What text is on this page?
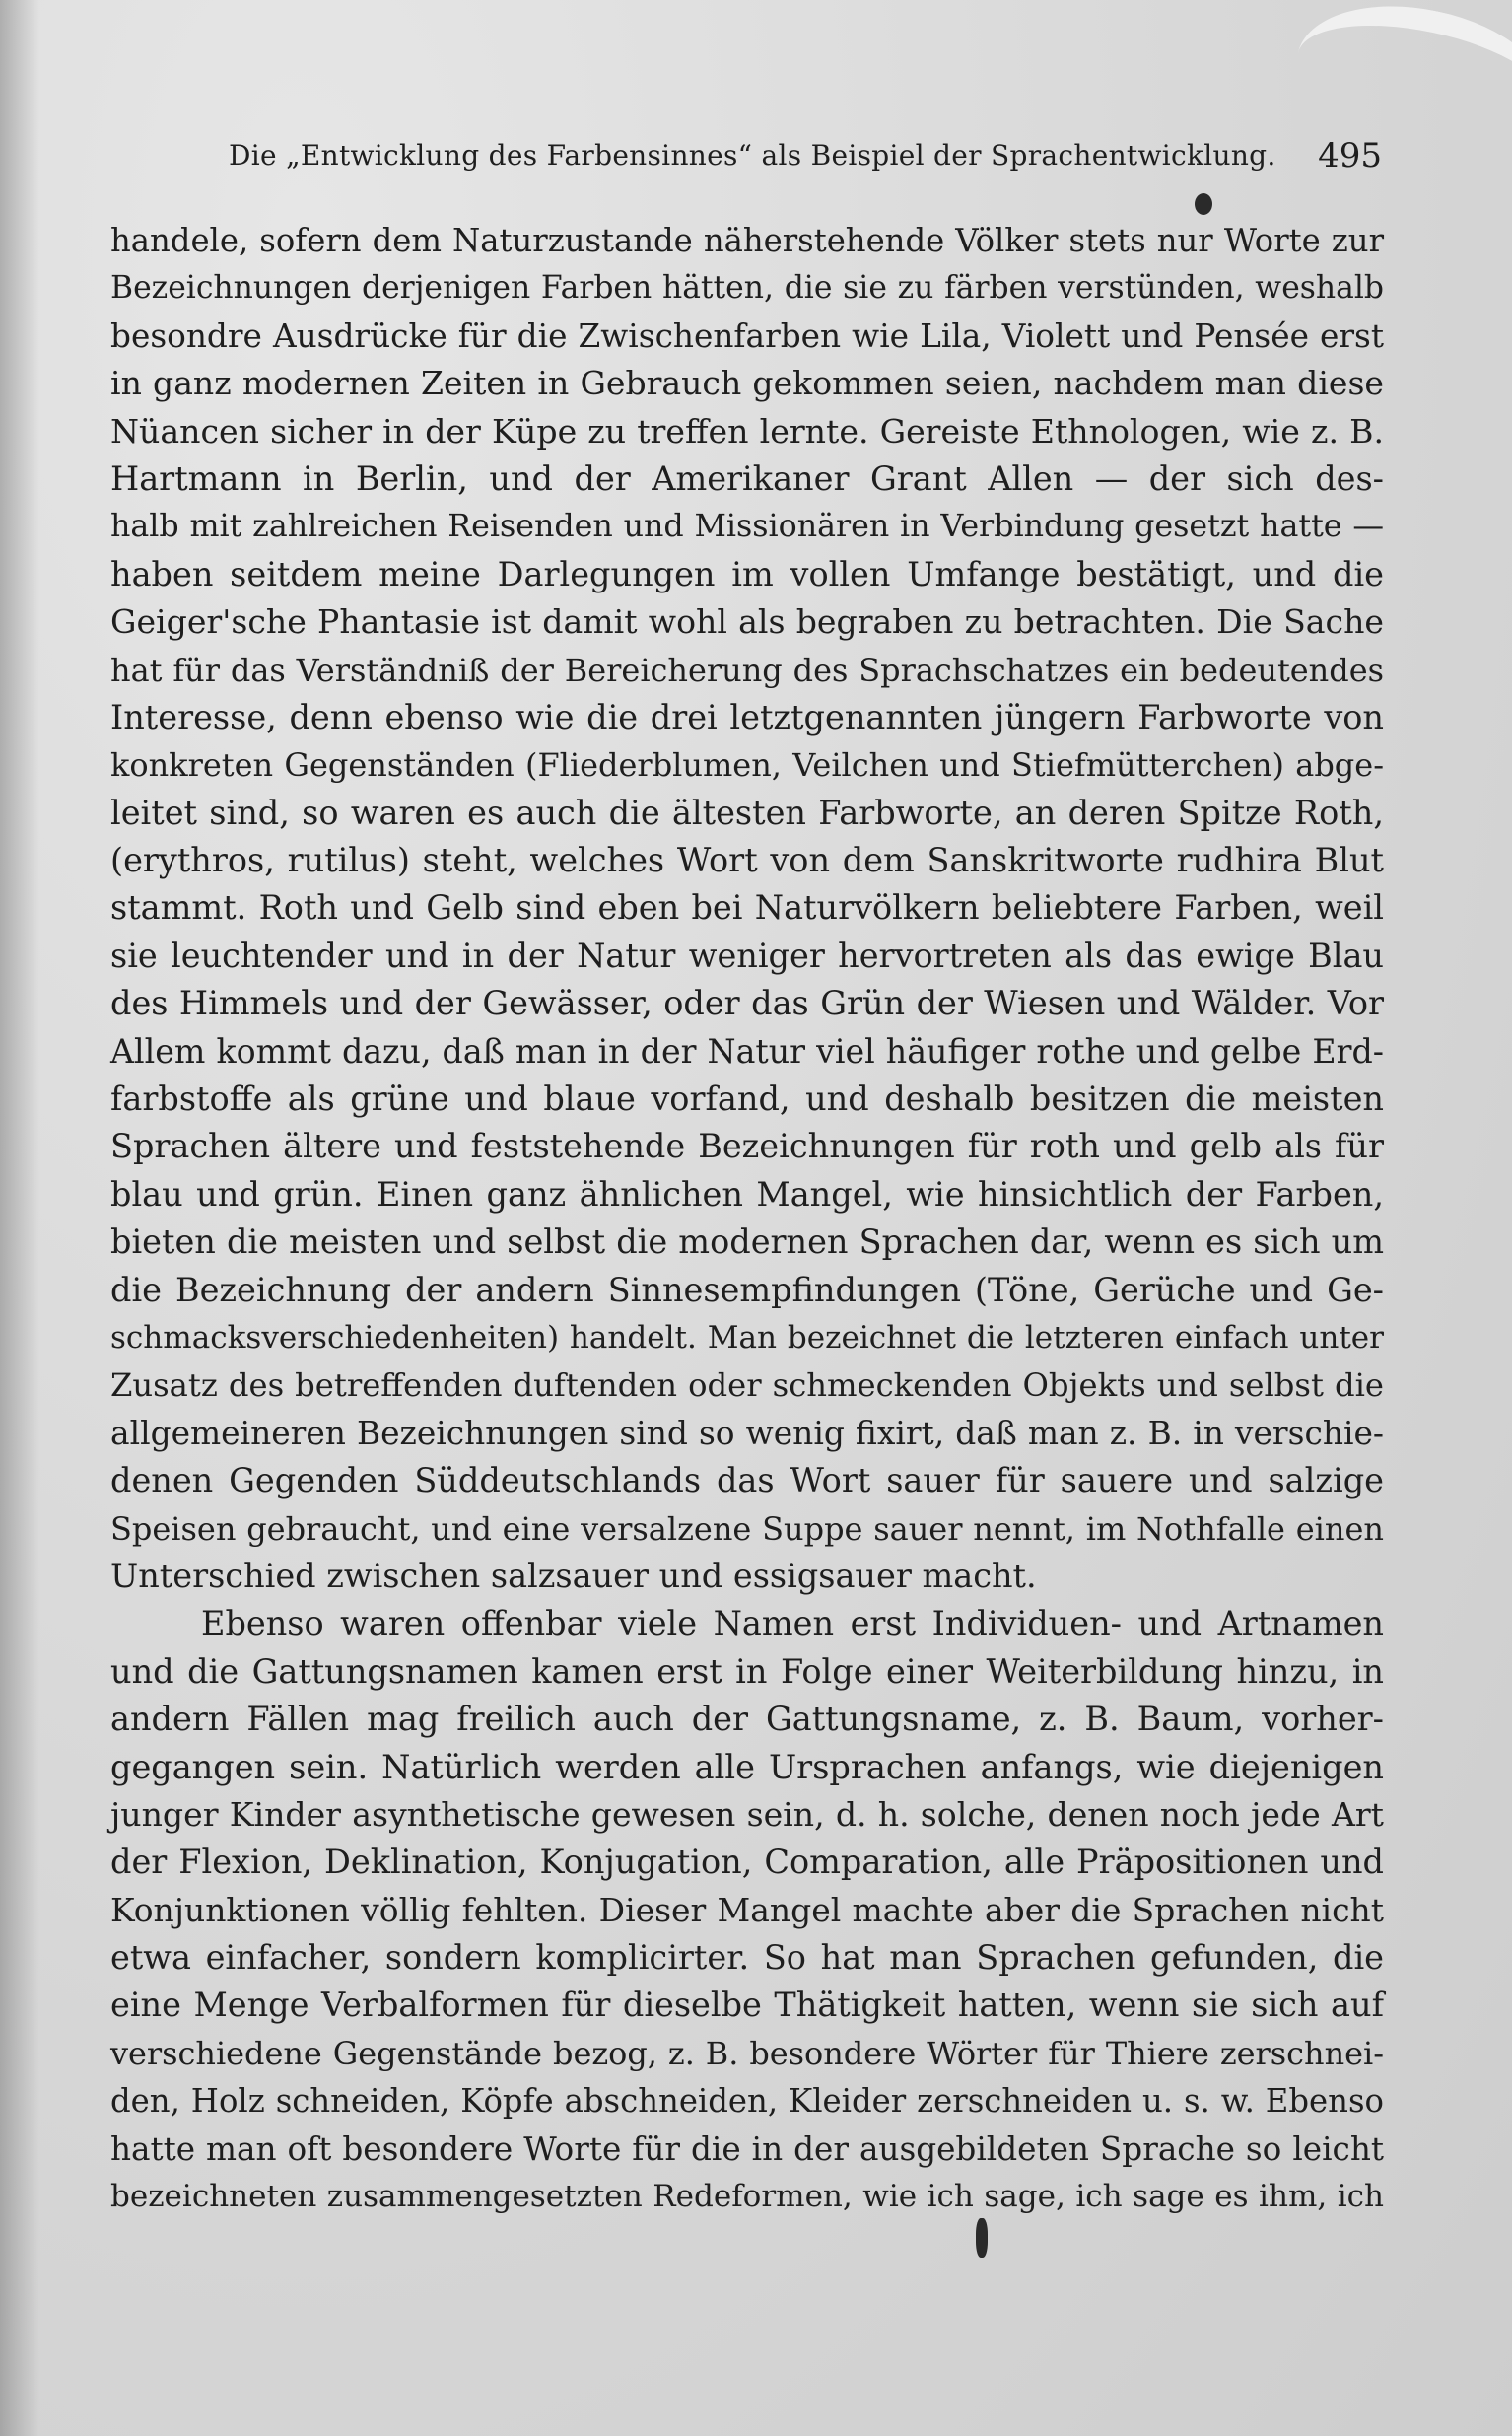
Die „Entwicklung des Farbensinnes“ als Beispiel der Sprachentwicklung. 495

handele, sofern dem Naturzustande näherstehende Völker stets nur Worte zur
Bezeichnungen derjenigen Farben hätten, die sie zu färben verstünden, weshalb
besondre Ausdrücke für die Zwischenfarben wie Lila, Violett und Pensée erst
in ganz modernen Zeiten in Gebrauch gekommen seien, nachdem man diese
Nüancen sicher in der Küpe zu treffen lernte. Gereiste Ethnologen, wie z. B.
Hartmann in Berlin, und der Amerikaner Grant Allen — der sich des-
halb mit zahlreichen Reisenden und Missionären in Verbindung gesetzt hatte —
haben seitdem meine Darlegungen im vollen Umfange bestätigt, und die
Geiger'sche Phantasie ist damit wohl als begraben zu betrachten. Die Sache
hat für das Verständniß der Bereicherung des Sprachschatzes ein bedeutendes
Interesse, denn ebenso wie die drei letztgenannten jüngern Farbworte von
konkreten Gegenständen (Fliederblumen, Veilchen und Stiefmütterchen) abge-
leitet sind, so waren es auch die ältesten Farbworte, an deren Spitze Roth,
(erythros, rutilus) steht, welches Wort von dem Sanskritworte rudhira Blut
stammt. Roth und Gelb sind eben bei Naturvölkern beliebtere Farben, weil
sie leuchtender und in der Natur weniger hervortreten als das ewige Blau
des Himmels und der Gewässer, oder das Grün der Wiesen und Wälder. Vor
Allem kommt dazu, daß man in der Natur viel häufiger rothe und gelbe Erd-
farbstoffe als grüne und blaue vorfand, und deshalb besitzen die meisten
Sprachen ältere und feststehende Bezeichnungen für roth und gelb als für
blau und grün. Einen ganz ähnlichen Mangel, wie hinsichtlich der Farben,
bieten die meisten und selbst die modernen Sprachen dar, wenn es sich um
die Bezeichnung der andern Sinnesempfindungen (Töne, Gerüche und Ge-
schmacksverschiedenheiten) handelt. Man bezeichnet die letzteren einfach unter
Zusatz des betreffenden duftenden oder schmeckenden Objekts und selbst die
allgemeineren Bezeichnungen sind so wenig fixirt, daß man z. B. in verschie-
denen Gegenden Süddeutschlands das Wort sauer für sauere und salzige
Speisen gebraucht, und eine versalzene Suppe sauer nennt, im Nothfalle einen
Unterschied zwischen salzsauer und essigsauer macht.

Ebenso waren offenbar viele Namen erst Individuen- und Artnamen
und die Gattungsnamen kamen erst in Folge einer Weiterbildung hinzu, in
andern Fällen mag freilich auch der Gattungsname, z. B. Baum, vorher-
gegangen sein. Natürlich werden alle Ursprachen anfangs, wie diejenigen
junger Kinder asynthetische gewesen sein, d. h. solche, denen noch jede Art
der Flexion, Deklination, Konjugation, Comparation, alle Präpositionen und
Konjunktionen völlig fehlten. Dieser Mangel machte aber die Sprachen nicht
etwa einfacher, sondern komplicirter. So hat man Sprachen gefunden, die
eine Menge Verbalformen für dieselbe Thätigkeit hatten, wenn sie sich auf
verschiedene Gegenstände bezog, z. B. besondere Wörter für Thiere zerschnei-
den, Holz schneiden, Köpfe abschneiden, Kleider zerschneiden u. s. w. Ebenso
hatte man oft besondere Worte für die in der ausgebildeten Sprache so leicht
bezeichneten zusammengesetzten Redeformen, wie ich sage, ich sage es ihm, ich
